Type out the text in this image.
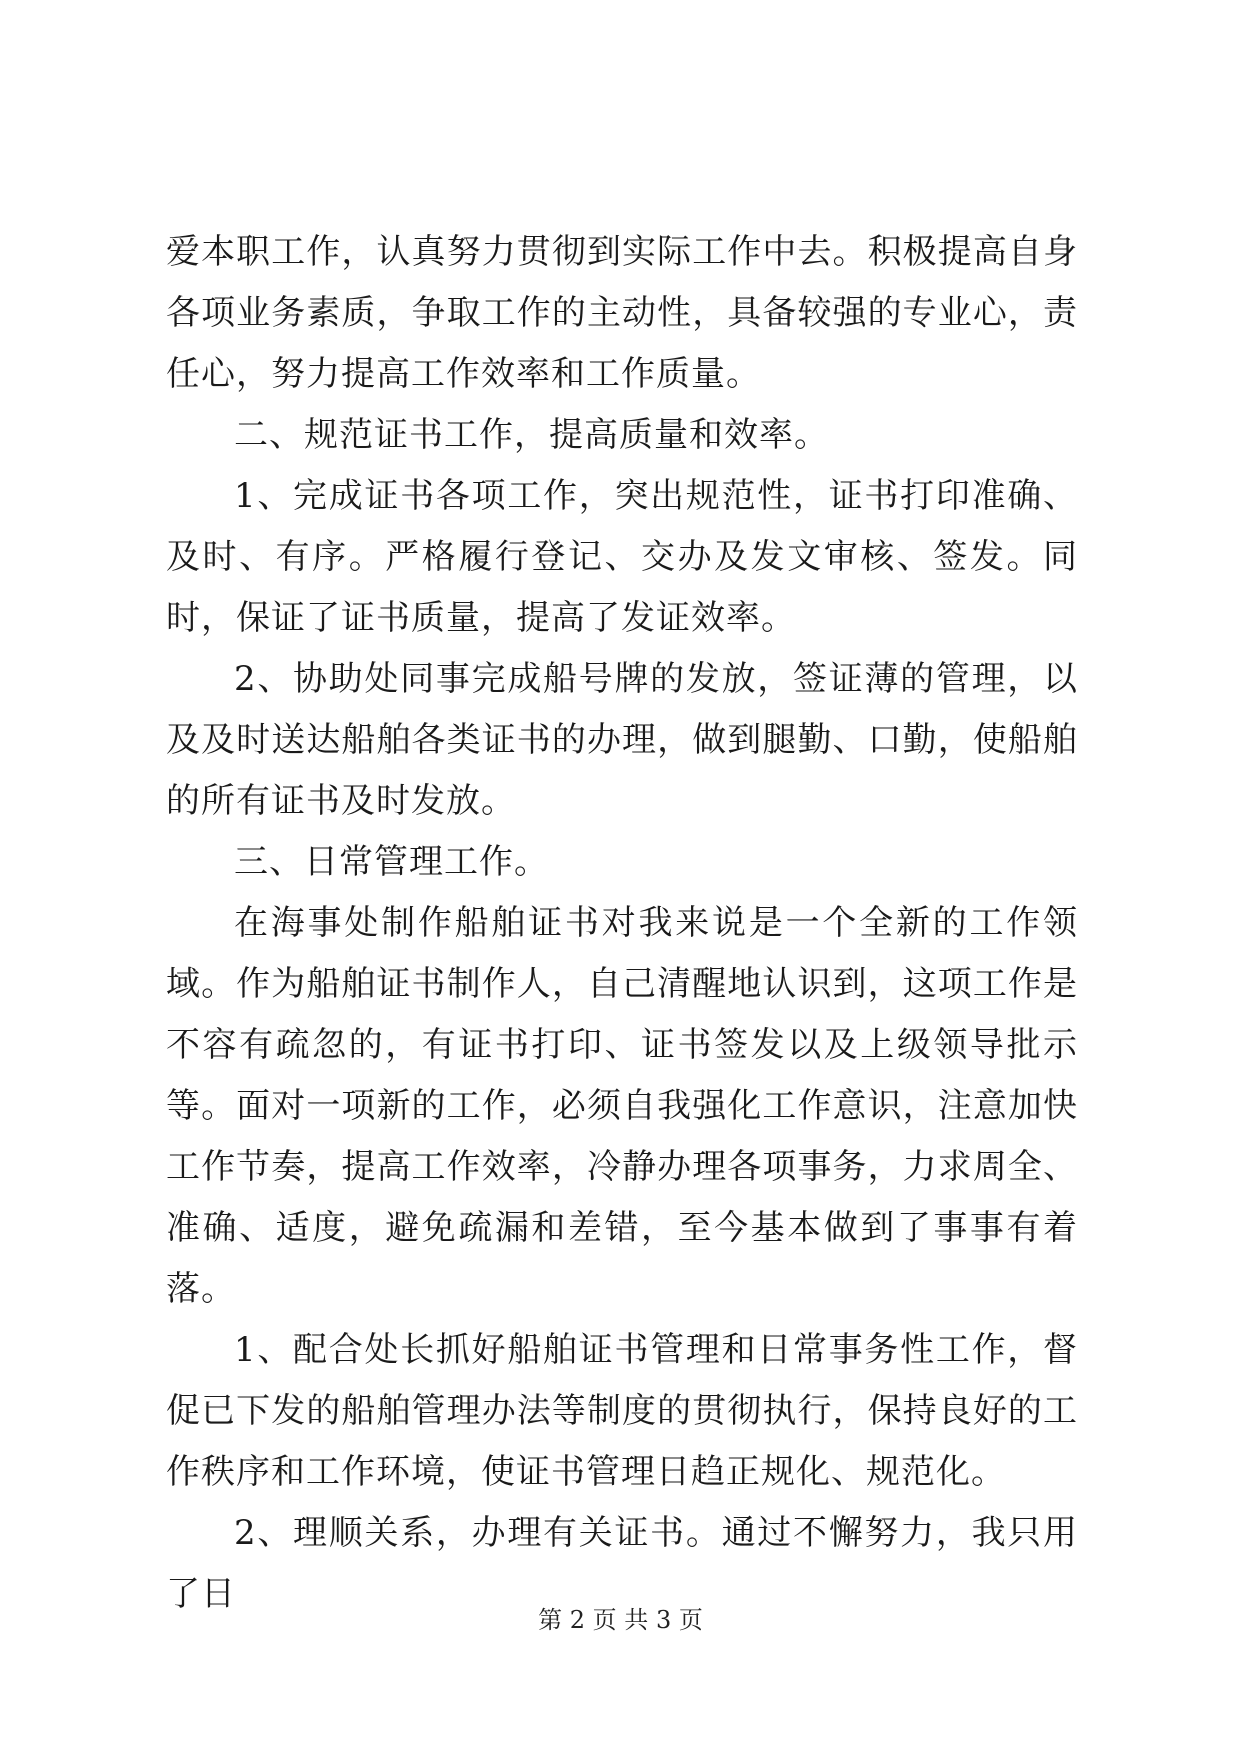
爱本职工作，认真努力贯彻到实际工作中去。积极提高自身各项业务素质，争取工作的主动性，具备较强的专业心，责任心，努力提高工作效率和工作质量。

二、规范证书工作，提高质量和效率。

1、完成证书各项工作，突出规范性，证书打印准确、及时、有序。严格履行登记、交办及发文审核、签发。同时，保证了证书质量，提高了发证效率。

2、协助处同事完成船号牌的发放，签证薄的管理，以及及时送达船舶各类证书的办理，做到腿勤、口勤，使船舶的所有证书及时发放。

三、日常管理工作。

在海事处制作船舶证书对我来说是一个全新的工作领域。作为船舶证书制作人，自己清醒地认识到，这项工作是不容有疏忽的，有证书打印、证书签发以及上级领导批示等。面对一项新的工作，必须自我强化工作意识，注意加快工作节奏，提高工作效率，冷静办理各项事务，力求周全、准确、适度，避免疏漏和差错，至今基本做到了事事有着落。

1、配合处长抓好船舶证书管理和日常事务性工作，督促已下发的船舶管理办法等制度的贯彻执行，保持良好的工作秩序和工作环境，使证书管理日趋正规化、规范化。

2、理顺关系，办理有关证书。通过不懈努力，我只用了日

第 2 页 共 3 页
